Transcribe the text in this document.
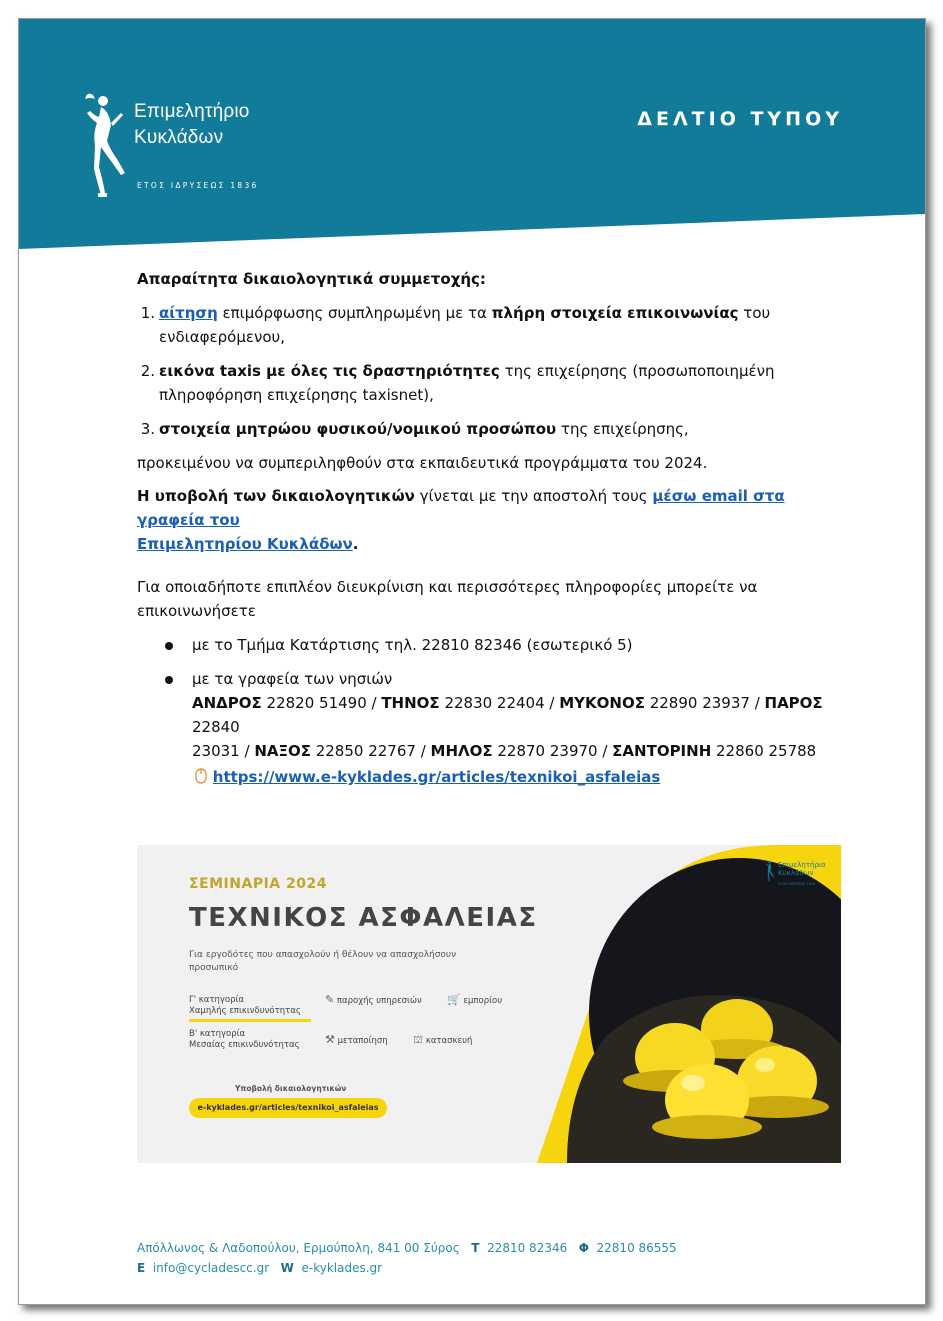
Επιμελητήριο
Κυκλάδων
ΕΤΟΣ ΙΔΡΥΣΕΩΣ 1836
ΔΕΛΤΙΟ ΤΥΠΟΥ
Απαραίτητα δικαιολογητικά συμμετοχής:
1. αίτηση επιμόρφωσης συμπληρωμένη με τα πλήρη στοιχεία επικοινωνίας του
ενδιαφερόμενου,
2. εικόνα taxis με όλες τις δραστηριότητες της επιχείρησης (προσωποποιημένη
πληροφόρηση επιχείρησης taxisnet),
3. στοιχεία μητρώου φυσικού/νομικού προσώπου της επιχείρησης,
προκειμένου να συμπεριληφθούν στα εκπαιδευτικά προγράμματα του 2024.
Η υποβολή των δικαιολογητικών γίνεται με την αποστολή τους μέσω email στα γραφεία του
Επιμελητηρίου Κυκλάδων.
Για οποιαδήποτε επιπλέον διευκρίνιση και περισσότερες πληροφορίες μπορείτε να
επικοινωνήσετε
με το Τμήμα Κατάρτισης τηλ. 22810 82346 (εσωτερικό 5)
με τα γραφεία των νησιών
ΑΝΔΡΟΣ 22820 51490 / ΤΗΝΟΣ 22830 22404 / ΜΥΚΟΝΟΣ 22890 23937 / ΠΑΡΟΣ 22840
23031 / ΝΑΞΟΣ 22850 22767 / ΜΗΛΟΣ 22870 23970 / ΣΑΝΤΟΡΙΝΗ 22860 25788
https://www.e-kyklades.gr/articles/texnikoi_asfaleias
ΣΕΜΙΝΑΡΙΑ 2024
ΤΕΧΝΙΚΟΣ ΑΣΦΑΛΕΙΑΣ
Για εργοδότες που απασχολούν ή θέλουν να απασχολήσουν
προσωπικό
Γ' κατηγορία
Χαμηλής επικινδυνότητας
Β' κατηγορία
Μεσαίας επικινδυνότητας
✎ παροχής υπηρεσιών 🛒 εμπορίου
⚒ μεταποίηση ⛫ κατασκευή
Υποβολή δικαιολογητικών
e-kyklades.gr/articles/texnikoi_asfaleias
Επιμελητήριο
Κυκλάδων
ΕΤΟΣ ΙΔΡΥΣΕΩΣ 1836
Απόλλωνος & Λαδοπούλου, Ερμούπολη, 841 00 Σύρος T 22810 82346 Φ 22810 86555
E info@cycladescc.gr W e-kyklades.gr
